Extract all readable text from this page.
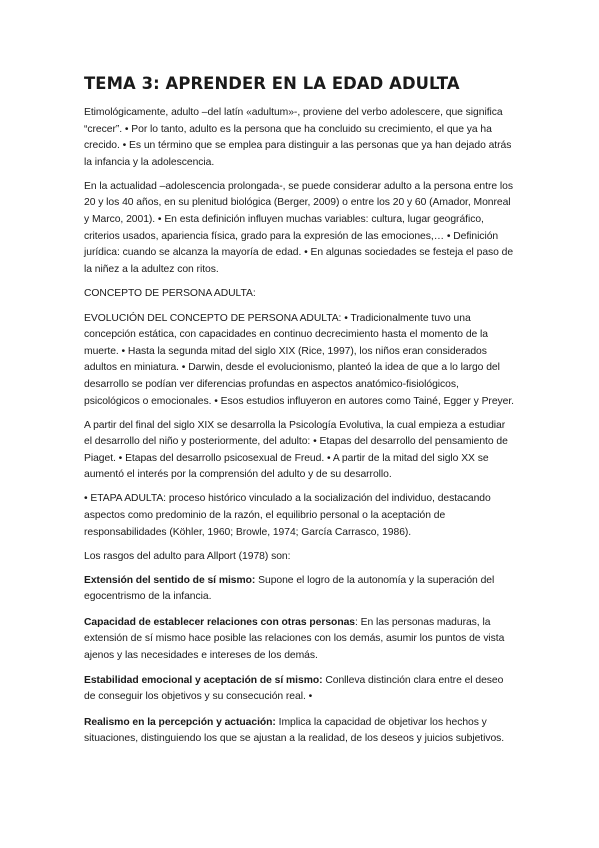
TEMA 3: APRENDER EN LA EDAD ADULTA

Etimológicamente, adulto –del latín «adultum»-, proviene del verbo adolescere, que significa “crecer”. • Por lo tanto, adulto es la persona que ha concluido su crecimiento, el que ya ha crecido. • Es un término que se emplea para distinguir a las personas que ya han dejado atrás la infancia y la adolescencia.

En la actualidad –adolescencia prolongada-, se puede considerar adulto a la persona entre los 20 y los 40 años, en su plenitud biológica (Berger, 2009) o entre los 20 y 60 (Amador, Monreal y Marco, 2001). • En esta definición influyen muchas variables: cultura, lugar geográfico, criterios usados, apariencia física, grado para la expresión de las emociones,… • Definición jurídica: cuando se alcanza la mayoría de edad. • En algunas sociedades se festeja el paso de la niñez a la adultez con ritos.

CONCEPTO DE PERSONA ADULTA:

EVOLUCIÓN DEL CONCEPTO DE PERSONA ADULTA: • Tradicionalmente tuvo una concepción estática, con capacidades en continuo decrecimiento hasta el momento de la muerte. • Hasta la segunda mitad del siglo XIX (Rice, 1997), los niños eran considerados adultos en miniatura. • Darwin, desde el evolucionismo, planteó la idea de que a lo largo del desarrollo se podían ver diferencias profundas en aspectos anatómico-fisiológicos, psicológicos o emocionales. • Esos estudios influyeron en autores como Tainé, Egger y Preyer.

A partir del final del siglo XIX se desarrolla la Psicología Evolutiva, la cual empieza a estudiar el desarrollo del niño y posteriormente, del adulto: • Etapas del desarrollo del pensamiento de Piaget. • Etapas del desarrollo psicosexual de Freud. • A partir de la mitad del siglo XX se aumentó el interés por la comprensión del adulto y de su desarrollo.

• ETAPA ADULTA: proceso histórico vinculado a la socialización del individuo, destacando aspectos como predominio de la razón, el equilibrio personal o la aceptación de responsabilidades (Köhler, 1960; Browle, 1974; García Carrasco, 1986).

Los rasgos del adulto para Allport (1978) son:

Extensión del sentido de sí mismo: Supone el logro de la autonomía y la superación del egocentrismo de la infancia.

Capacidad de establecer relaciones con otras personas: En las personas maduras, la extensión de sí mismo hace posible las relaciones con los demás, asumir los puntos de vista ajenos y las necesidades e intereses de los demás.

Estabilidad emocional y aceptación de sí mismo: Conlleva distinción clara entre el deseo de conseguir los objetivos y su consecución real. •

Realismo en la percepción y actuación: Implica la capacidad de objetivar los hechos y situaciones, distinguiendo los que se ajustan a la realidad, de los deseos y juicios subjetivos.
